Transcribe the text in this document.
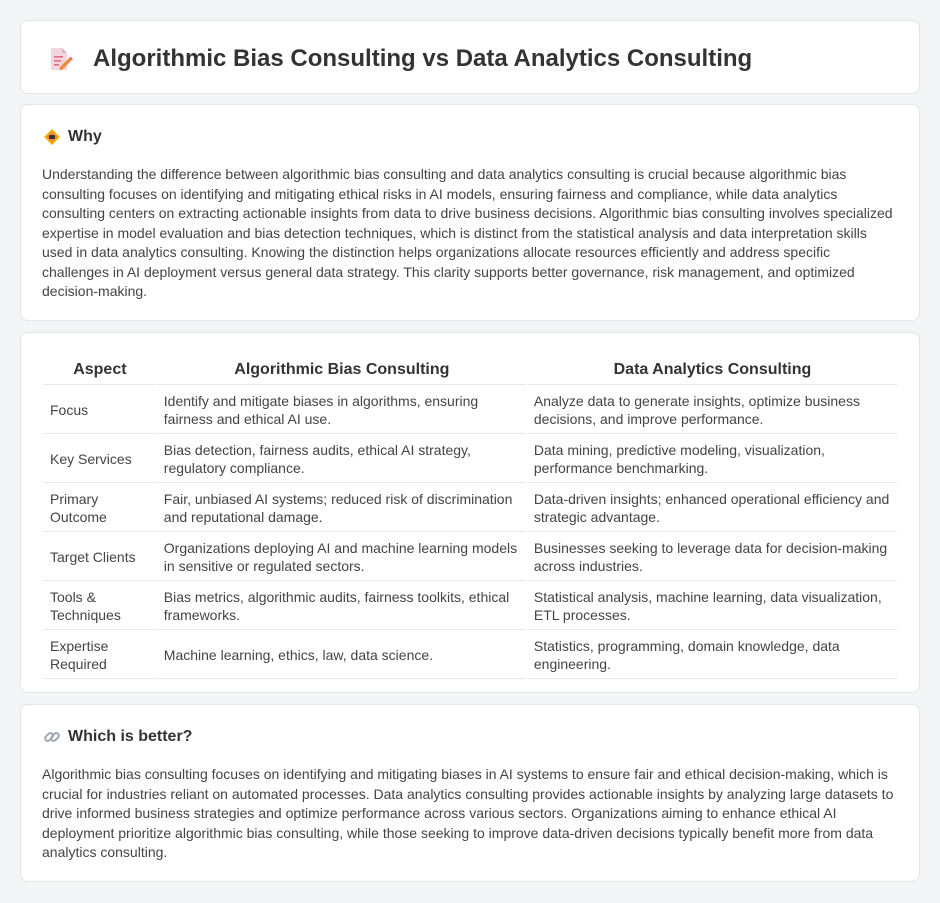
Algorithmic Bias Consulting vs Data Analytics Consulting
Why

Understanding the difference between algorithmic bias consulting and data analytics consulting is crucial because algorithmic bias consulting focuses on identifying and mitigating ethical risks in AI models, ensuring fairness and compliance, while data analytics consulting centers on extracting actionable insights from data to drive business decisions. Algorithmic bias consulting involves specialized expertise in model evaluation and bias detection techniques, which is distinct from the statistical analysis and data interpretation skills used in data analytics consulting. Knowing the distinction helps organizations allocate resources efficiently and address specific challenges in AI deployment versus general data strategy. This clarity supports better governance, risk management, and optimized decision-making.

Aspect	Algorithmic Bias Consulting	Data Analytics Consulting
Focus	Identify and mitigate biases in algorithms, ensuring fairness and ethical AI use.	Analyze data to generate insights, optimize business decisions, and improve performance.
Key Services	Bias detection, fairness audits, ethical AI strategy, regulatory compliance.	Data mining, predictive modeling, visualization, performance benchmarking.
Primary Outcome	Fair, unbiased AI systems; reduced risk of discrimination and reputational damage.	Data-driven insights; enhanced operational efficiency and strategic advantage.
Target Clients	Organizations deploying AI and machine learning models in sensitive or regulated sectors.	Businesses seeking to leverage data for decision-making across industries.
Tools & Techniques	Bias metrics, algorithmic audits, fairness toolkits, ethical frameworks.	Statistical analysis, machine learning, data visualization, ETL processes.
Expertise Required	Machine learning, ethics, law, data science.	Statistics, programming, domain knowledge, data engineering.
Which is better?

Algorithmic bias consulting focuses on identifying and mitigating biases in AI systems to ensure fair and ethical decision-making, which is crucial for industries reliant on automated processes. Data analytics consulting provides actionable insights by analyzing large datasets to drive informed business strategies and optimize performance across various sectors. Organizations aiming to enhance ethical AI deployment prioritize algorithmic bias consulting, while those seeking to improve data-driven decisions typically benefit more from data analytics consulting.
